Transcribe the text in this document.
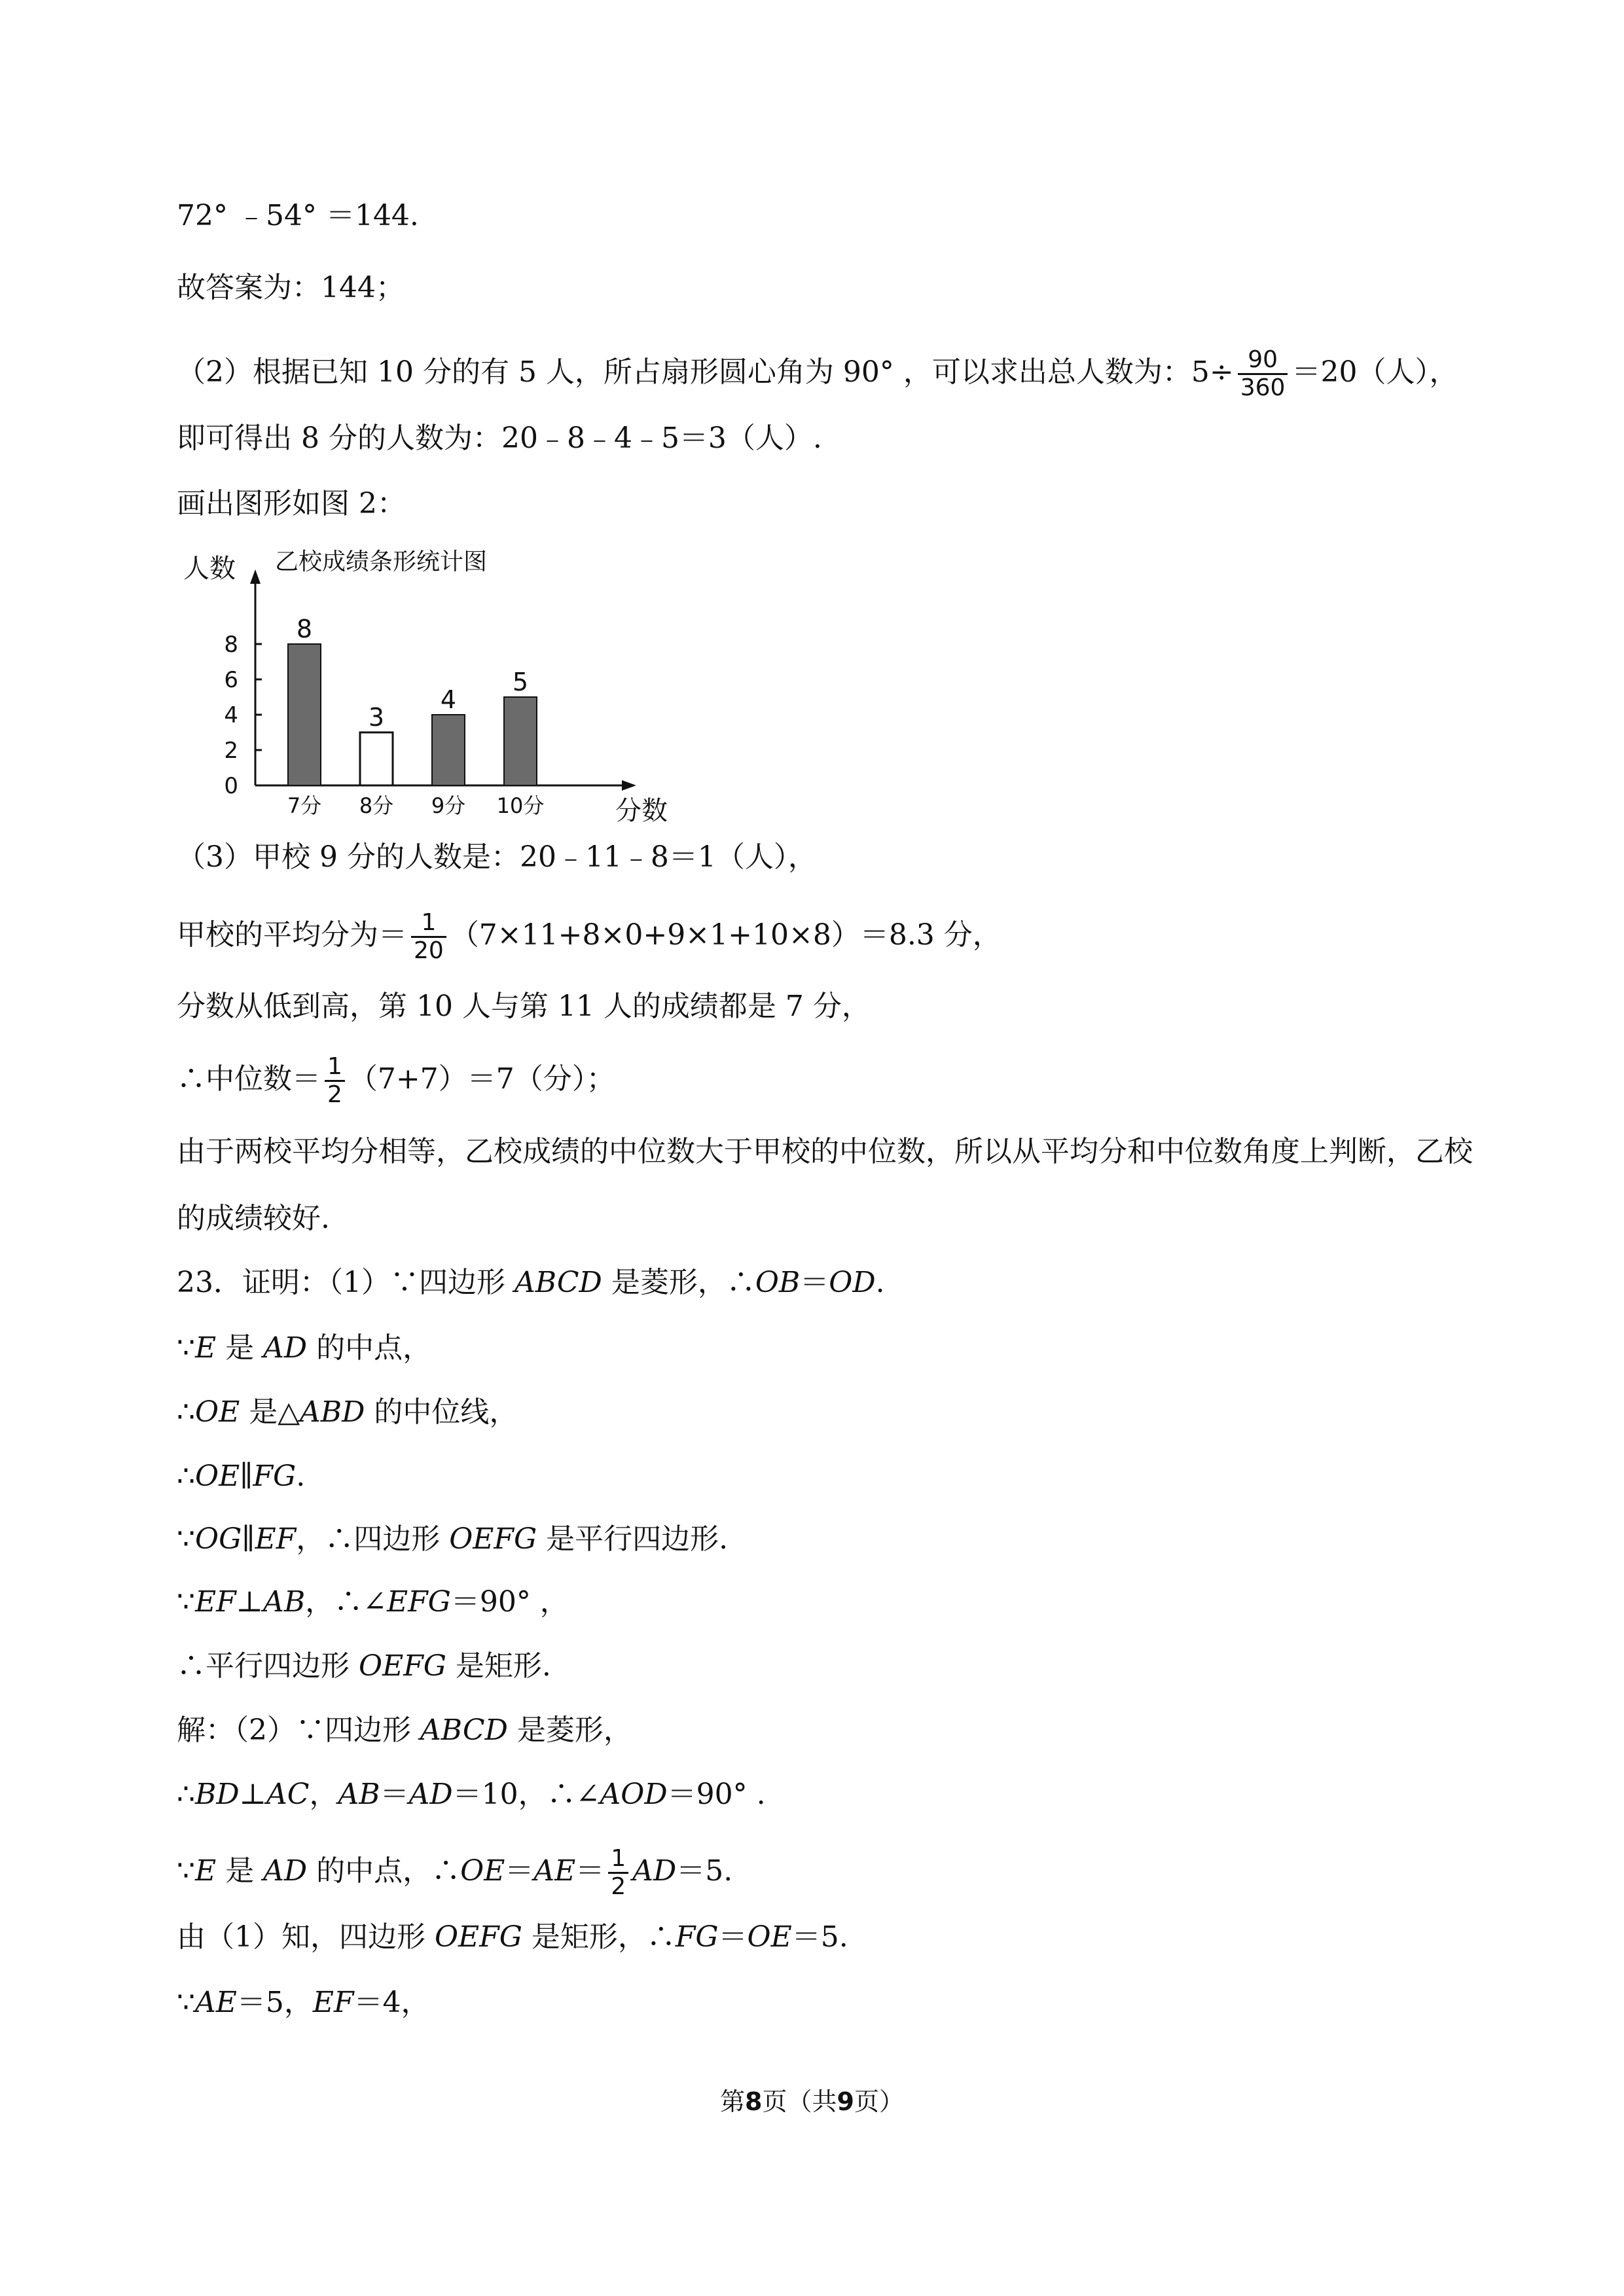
72° ﹣54° ＝144.
故答案为：144；
（2）根据已知 10 分的有 5 人，所占扇形圆心角为 90° ，可以求出总人数为：$5\div \frac{90}{360} =20$（人），
即可得出 8 分的人数为：20﹣8﹣4﹣5＝3（人）.
画出图形如图 2：
乙校成绩条形统计图
人数
分数
0
2
4
6
8
8
7分
3
8分
4
9分
5
10分
（3）甲校 9 分的人数是：20﹣11﹣8＝1（人），
甲校的平均分为＝ $\frac{1}{20} (7\times 11+8\times 0+9\times 1+10\times 8)=8.3$ 分，
分数从低到高，第 10 人与第 11 人的成绩都是 7 分，
∴中位数＝ $\frac{1}{2} (7+7)=7$（分）；
由于两校平均分相等，乙校成绩的中位数大于甲校的中位数，所以从平均分和中位数角度上判断，乙校
的成绩较好.
23．证明：（1）∵四边形 ABCD 是菱形，∴OB＝OD.
∵E 是 AD 的中点，
∴OE 是△ABD 的中位线，
∴OE∥FG.
∵OG∥EF，∴四边形 OEFG 是平行四边形.
∵EF⊥AB，∴∠EFG＝90° ，
∴平行四边形 OEFG 是矩形.
解：（2）∵四边形 ABCD 是菱形，
∴BD⊥AC，AB＝AD＝10，∴∠AOD＝90° .
∵E 是 AD 的中点，∴OE＝AE＝ $\frac{1}{2} AD=5$.
由（1）知，四边形 OEFG 是矩形，∴FG＝OE＝5.
∵AE＝5，EF＝4，
第8页（共9页）
